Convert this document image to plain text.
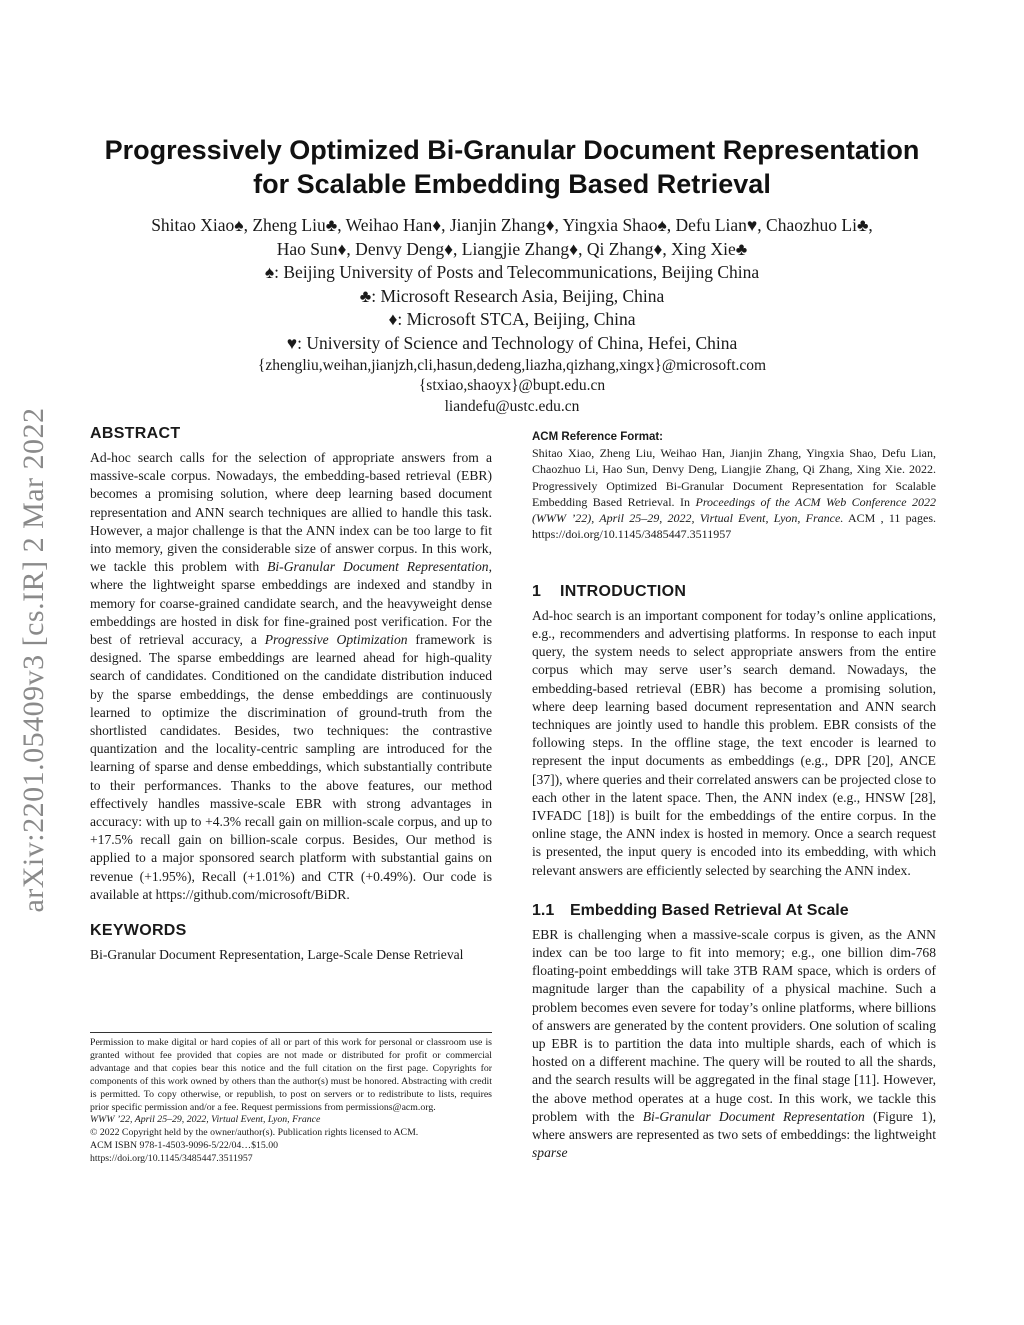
arXiv:2201.05409v3 [cs.IR] 2 Mar 2022
Progressively Optimized Bi-Granular Document Representation
for Scalable Embedding Based Retrieval
Shitao Xiao♠, Zheng Liu♣, Weihao Han♦, Jianjin Zhang♦, Yingxia Shao♠, Defu Lian♥, Chaozhuo Li♣,
Hao Sun♦, Denvy Deng♦, Liangjie Zhang♦, Qi Zhang♦, Xing Xie♣
♠: Beijing University of Posts and Telecommunications, Beijing China
♣: Microsoft Research Asia, Beijing, China
♦: Microsoft STCA, Beijing, China
♥: University of Science and Technology of China, Hefei, China
{zhengliu,weihan,jianjzh,cli,hasun,dedeng,liazha,qizhang,xingx}@microsoft.com
{stxiao,shaoyx}@bupt.edu.cn
liandefu@ustc.edu.cn
ABSTRACT

Ad-hoc search calls for the selection of appropriate answers from a massive-scale corpus. Nowadays, the embedding-based retrieval (EBR) becomes a promising solution, where deep learning based document representation and ANN search techniques are allied to handle this task. However, a major challenge is that the ANN index can be too large to fit into memory, given the considerable size of answer corpus. In this work, we tackle this problem with Bi-Granular Document Representation, where the lightweight sparse embeddings are indexed and standby in memory for coarse-grained candidate search, and the heavyweight dense embeddings are hosted in disk for fine-grained post verification. For the best of retrieval accuracy, a Progressive Optimization framework is designed. The sparse embeddings are learned ahead for high-quality search of candidates. Conditioned on the candidate distribution induced by the sparse embeddings, the dense embeddings are continuously learned to optimize the discrimination of ground-truth from the shortlisted candidates. Besides, two techniques: the contrastive quantization and the locality-centric sampling are introduced for the learning of sparse and dense embeddings, which substantially contribute to their performances. Thanks to the above features, our method effectively handles massive-scale EBR with strong advantages in accuracy: with up to +4.3% recall gain on million-scale corpus, and up to +17.5% recall gain on billion-scale corpus. Besides, Our method is applied to a major sponsored search platform with substantial gains on revenue (+1.95%), Recall (+1.01%) and CTR (+0.49%). Our code is available at https://github.com/microsoft/BiDR.

KEYWORDS

Bi-Granular Document Representation, Large-Scale Dense Retrieval

Permission to make digital or hard copies of all or part of this work for personal or classroom use is granted without fee provided that copies are not made or distributed for profit or commercial advantage and that copies bear this notice and the full citation on the first page. Copyrights for components of this work owned by others than the author(s) must be honored. Abstracting with credit is permitted. To copy otherwise, or republish, to post on servers or to redistribute to lists, requires prior specific permission and/or a fee. Request permissions from permissions@acm.org.

WWW ’22, April 25–29, 2022, Virtual Event, Lyon, France

© 2022 Copyright held by the owner/author(s). Publication rights licensed to ACM.

ACM ISBN 978-1-4503-9096-5/22/04…$15.00

https://doi.org/10.1145/3485447.3511957

ACM Reference Format:

Shitao Xiao, Zheng Liu, Weihao Han, Jianjin Zhang, Yingxia Shao, Defu Lian, Chaozhuo Li, Hao Sun, Denvy Deng, Liangjie Zhang, Qi Zhang, Xing Xie. 2022. Progressively Optimized Bi-Granular Document Representation for Scalable Embedding Based Retrieval. In Proceedings of the ACM Web Conference 2022 (WWW ’22), April 25–29, 2022, Virtual Event, Lyon, France. ACM , 11 pages. https://doi.org/10.1145/3485447.3511957

1 INTRODUCTION

Ad-hoc search is an important component for today’s online applications, e.g., recommenders and advertising platforms. In response to each input query, the system needs to select appropriate answers from the entire corpus which may serve user’s search demand. Nowadays, the embedding-based retrieval (EBR) has become a promising solution, where deep learning based document representation and ANN search techniques are jointly used to handle this problem. EBR consists of the following steps. In the offline stage, the text encoder is learned to represent the input documents as embeddings (e.g., DPR [20], ANCE [37]), where queries and their correlated answers can be projected close to each other in the latent space. Then, the ANN index (e.g., HNSW [28], IVFADC [18]) is built for the embeddings of the entire corpus. In the online stage, the ANN index is hosted in memory. Once a search request is presented, the input query is encoded into its embedding, with which relevant answers are efficiently selected by searching the ANN index.

1.1 Embedding Based Retrieval At Scale

EBR is challenging when a massive-scale corpus is given, as the ANN index can be too large to fit into memory; e.g., one billion dim-768 floating-point embeddings will take 3TB RAM space, which is orders of magnitude larger than the capability of a physical machine. Such a problem becomes even severe for today’s online platforms, where billions of answers are generated by the content providers. One solution of scaling up EBR is to partition the data into multiple shards, each of which is hosted on a different machine. The query will be routed to all the shards, and the search results will be aggregated in the final stage [11]. However, the above method operates at a huge cost. In this work, we tackle this problem with the Bi-Granular Document Representation (Figure 1), where answers are represented as two sets of embeddings: the lightweight sparse
